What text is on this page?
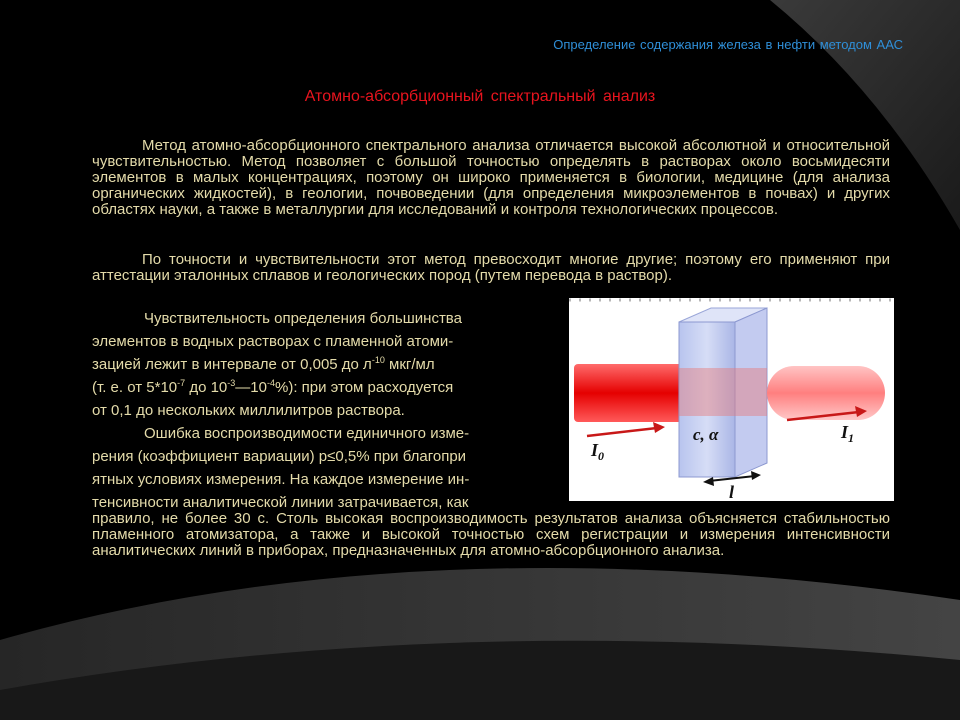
Определение содержания железа в нефти методом ААС
Атомно-абсорбционный спектральный анализ
Метод атомно-абсорбционного спектрального анализа отличается высокой абсолютной и относительной чувствительностью. Метод позволяет с большой точностью определять в растворах около восьмидесяти элементов в малых концентрациях, поэтому он широко применяется в биологии, медицине (для анализа органических жидкостей), в геологии, почвоведении (для определения микроэлементов в почвах) и других областях науки, а также в металлургии для исследований и контроля технологических процессов.
По точности и чувствительности этот метод превосходит многие другие; поэтому его применяют при аттестации эталонных сплавов и геологических пород (путем перевода в раствор).
Чувствительность определения большинства
элементов в водных растворах с пламенной атоми-
зацией лежит в интервале от 0,005 до $л^{-10}$ мкг/мл
(т. е. от $5*10^{-7}$ до $10^{-3}—10^{-4}\%$): при этом расходуется
от 0,1 до нескольких миллилитров раствора.
Ошибка воспроизводимости единичного изме-
рения (коэффициент вариации) р≤0,5% при благопри
ятных условиях измерения. На каждое измерение ин-
тенсивности аналитической линии затрачивается, как
правило, не более 30 с. Столь высокая воспроизводимость результатов анализа объясняется стабильностью пламенного атомизатора, а также и высокой точностью схем регистрации и измерения интенсивности аналитических линий в приборах, предназначенных для атомно-абсорбционного анализа.
$I_0$
$I_1$
c, α
l
